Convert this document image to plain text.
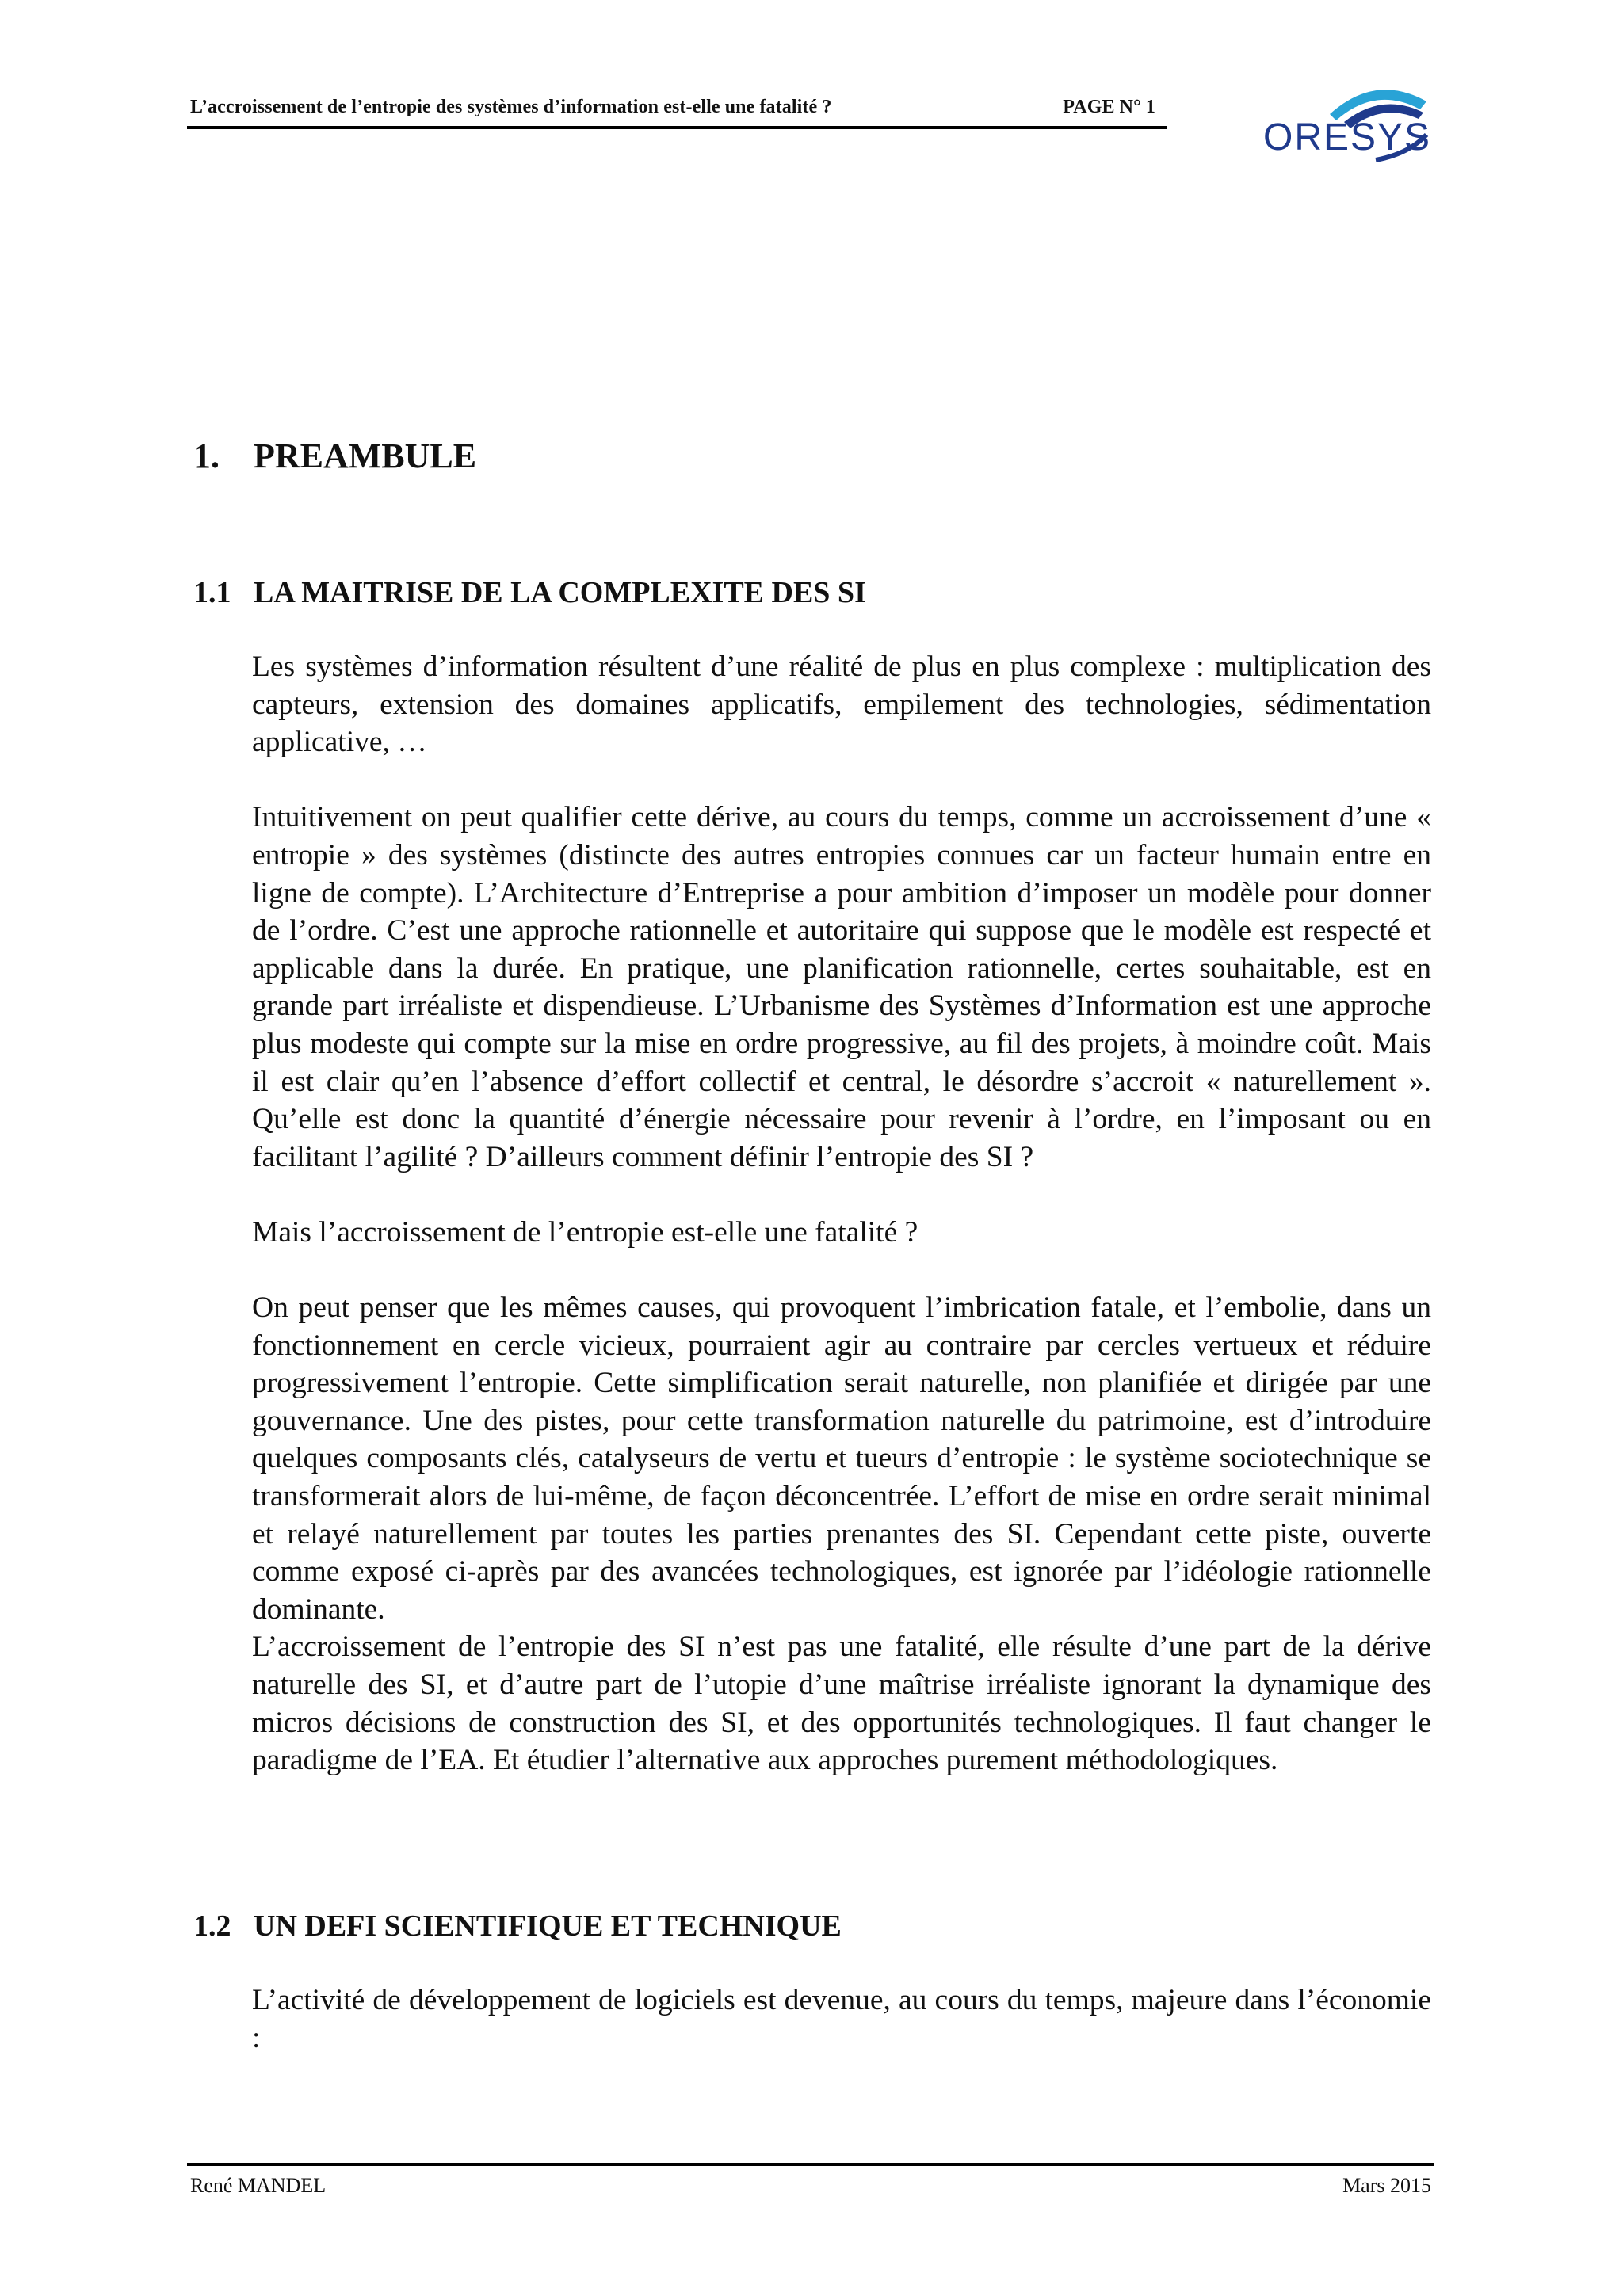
L’accroissement de l’entropie des systèmes d’information est-elle une fatalité ?	PAGE N° 1
ORESYS
1. PREAMBULE
1.1 LA MAITRISE DE LA COMPLEXITE DES SI

Les systèmes d’information résultent d’une réalité de plus en plus complexe : multiplication des capteurs, extension des domaines applicatifs, empilement des technologies, sédimentation applicative, …

Intuitivement on peut qualifier cette dérive, au cours du temps, comme un accroissement d’une « entropie » des systèmes (distincte des autres entropies connues car un facteur humain entre en ligne de compte). L’Architecture d’Entreprise a pour ambition d’imposer un modèle pour donner de l’ordre. C’est une approche rationnelle et autoritaire qui suppose que le modèle est respecté et applicable dans la durée. En pratique, une planification rationnelle, certes souhaitable, est en grande part irréaliste et dispendieuse. L’Urbanisme des Systèmes d’Information est une approche plus modeste qui compte sur la mise en ordre progressive, au fil des projets, à moindre coût. Mais il est clair qu’en l’absence d’effort collectif et central, le désordre s’accroit « naturellement ». Qu’elle est donc la quantité d’énergie nécessaire pour revenir à l’ordre, en l’imposant ou en facilitant l’agilité ? D’ailleurs comment définir l’entropie des SI ?

Mais l’accroissement de l’entropie est-elle une fatalité ?

On peut penser que les mêmes causes, qui provoquent l’imbrication fatale, et l’embolie, dans un fonctionnement en cercle vicieux, pourraient agir au contraire par cercles vertueux et réduire progressivement l’entropie. Cette simplification serait naturelle, non planifiée et dirigée par une gouvernance. Une des pistes, pour cette transformation naturelle du patrimoine, est d’introduire quelques composants clés, catalyseurs de vertu et tueurs d’entropie : le système sociotechnique se transformerait alors de lui-même, de façon déconcentrée. L’effort de mise en ordre serait minimal et relayé naturellement par toutes les parties prenantes des SI. Cependant cette piste, ouverte comme exposé ci-après par des avancées technologiques, est ignorée par l’idéologie rationnelle dominante.

L’accroissement de l’entropie des SI n’est pas une fatalité, elle résulte d’une part de la dérive naturelle des SI, et d’autre part de l’utopie d’une maîtrise irréaliste ignorant la dynamique des micros décisions de construction des SI, et des opportunités technologiques. Il faut changer le paradigme de l’EA. Et étudier l’alternative aux approches purement méthodologiques.

1.2 UN DEFI SCIENTIFIQUE ET TECHNIQUE

L’activité de développement de logiciels est devenue, au cours du temps, majeure dans l’économie :

René MANDEL	Mars 2015
